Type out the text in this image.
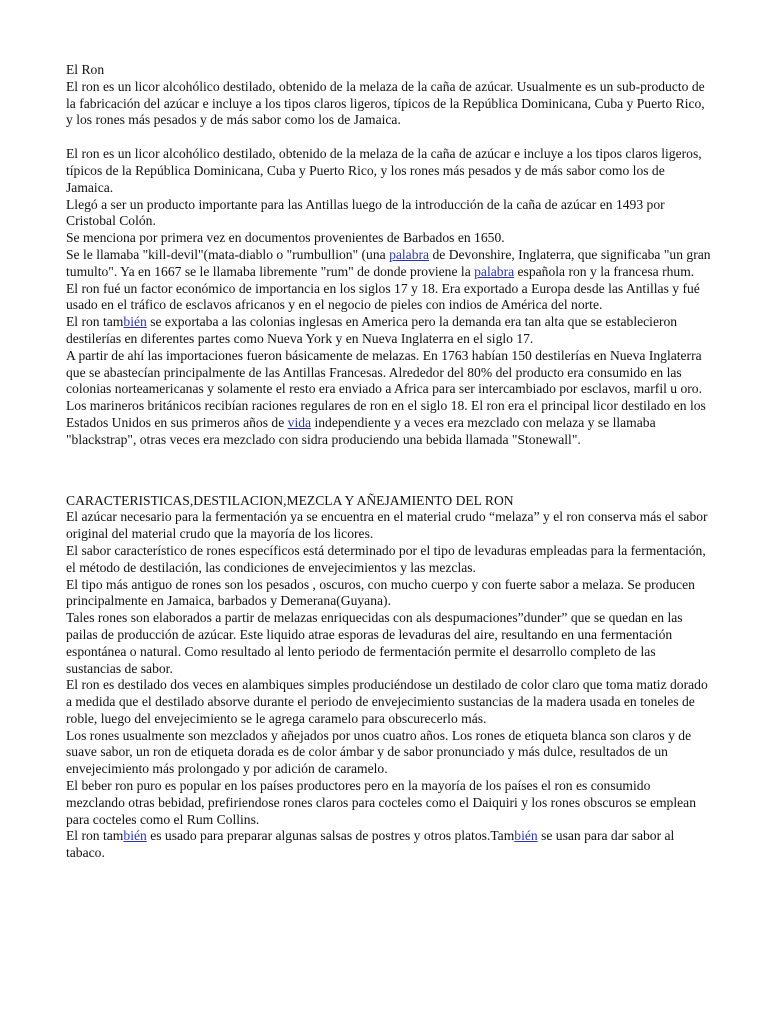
El Ron

El ron es un licor alcohólico destilado, obtenido de la melaza de la caña de azúcar. Usualmente es un sub-producto de la fabricación del azúcar e incluye a los tipos claros ligeros, típicos de la República Dominicana, Cuba y Puerto Rico, y los rones más pesados y de más sabor como los de Jamaica.

El ron es un licor alcohólico destilado, obtenido de la melaza de la caña de azúcar e incluye a los tipos claros ligeros, típicos de la República Dominicana, Cuba y Puerto Rico, y los rones más pesados y de más sabor como los de Jamaica.

Llegó a ser un producto importante para las Antillas luego de la introducción de la caña de azúcar en 1493 por Cristobal Colón.

Se menciona por primera vez en documentos provenientes de Barbados en 1650.

Se le llamaba "kill-devil"(mata-diablo o "rumbullion" (una palabra de Devonshire, Inglaterra, que significaba "un gran tumulto". Ya en 1667 se le llamaba libremente "rum" de donde proviene la palabra española ron y la francesa rhum.

El ron fué un factor económico de importancia en los siglos 17 y 18. Era exportado a Europa desde las Antillas y fué usado en el tráfico de esclavos africanos y en el negocio de pieles con indios de América del norte.

El ron también se exportaba a las colonias inglesas en America pero la demanda era tan alta que se establecieron destilerías en diferentes partes como Nueva York y en Nueva Inglaterra en el siglo 17.

A partir de ahí las importaciones fueron básicamente de melazas. En 1763 habían 150 destilerías en Nueva Inglaterra que se abastecían principalmente de las Antillas Francesas. Alrededor del 80% del producto era consumido en las colonias norteamericanas y solamente el resto era enviado a Africa para ser intercambiado por esclavos, marfil u oro.

Los marineros británicos recibían raciones regulares de ron en el siglo 18. El ron era el principal licor destilado en los Estados Unidos en sus primeros años de vida independiente y a veces era mezclado con melaza y se llamaba "blackstrap", otras veces era mezclado con sidra produciendo una bebida llamada "Stonewall".

CARACTERISTICAS,DESTILACION,MEZCLA Y AÑEJAMIENTO DEL RON

El azúcar necesario para la fermentación ya se encuentra en el material crudo “melaza” y el ron conserva más el sabor original del material crudo que la mayoría de los licores.

El sabor característico de rones específicos está determinado por el tipo de levaduras empleadas para la fermentación, el método de destilación, las condiciones de envejecimientos y las mezclas.

El tipo más antiguo de rones son los pesados , oscuros, con mucho cuerpo y con fuerte sabor a melaza. Se producen principalmente en Jamaica, barbados y Demerana(Guyana).

Tales rones son elaborados a partir de melazas enriquecidas con als despumaciones”dunder” que se quedan en las pailas de producción de azúcar. Este liquido atrae esporas de levaduras del aire, resultando en una fermentación espontánea o natural. Como resultado al lento periodo de fermentación permite el desarrollo completo de las sustancias de sabor.

El ron es destilado dos veces en alambiques simples produciéndose un destilado de color claro que toma matiz dorado a medida que el destilado absorve durante el periodo de envejecimiento sustancias de la madera usada en toneles de roble, luego del envejecimiento se le agrega caramelo para obscurecerlo más.

Los rones usualmente son mezclados y añejados por unos cuatro años. Los rones de etiqueta blanca son claros y de suave sabor, un ron de etiqueta dorada es de color ámbar y de sabor pronunciado y más dulce, resultados de un envejecimiento más prolongado y por adición de caramelo.

El beber ron puro es popular en los países productores pero en la mayoría de los países el ron es consumido mezclando otras bebidad, prefiriendose rones claros para cocteles como el Daiquiri y los rones obscuros se emplean para cocteles como el Rum Collins.

El ron también es usado para preparar algunas salsas de postres y otros platos.También se usan para dar sabor al tabaco.
